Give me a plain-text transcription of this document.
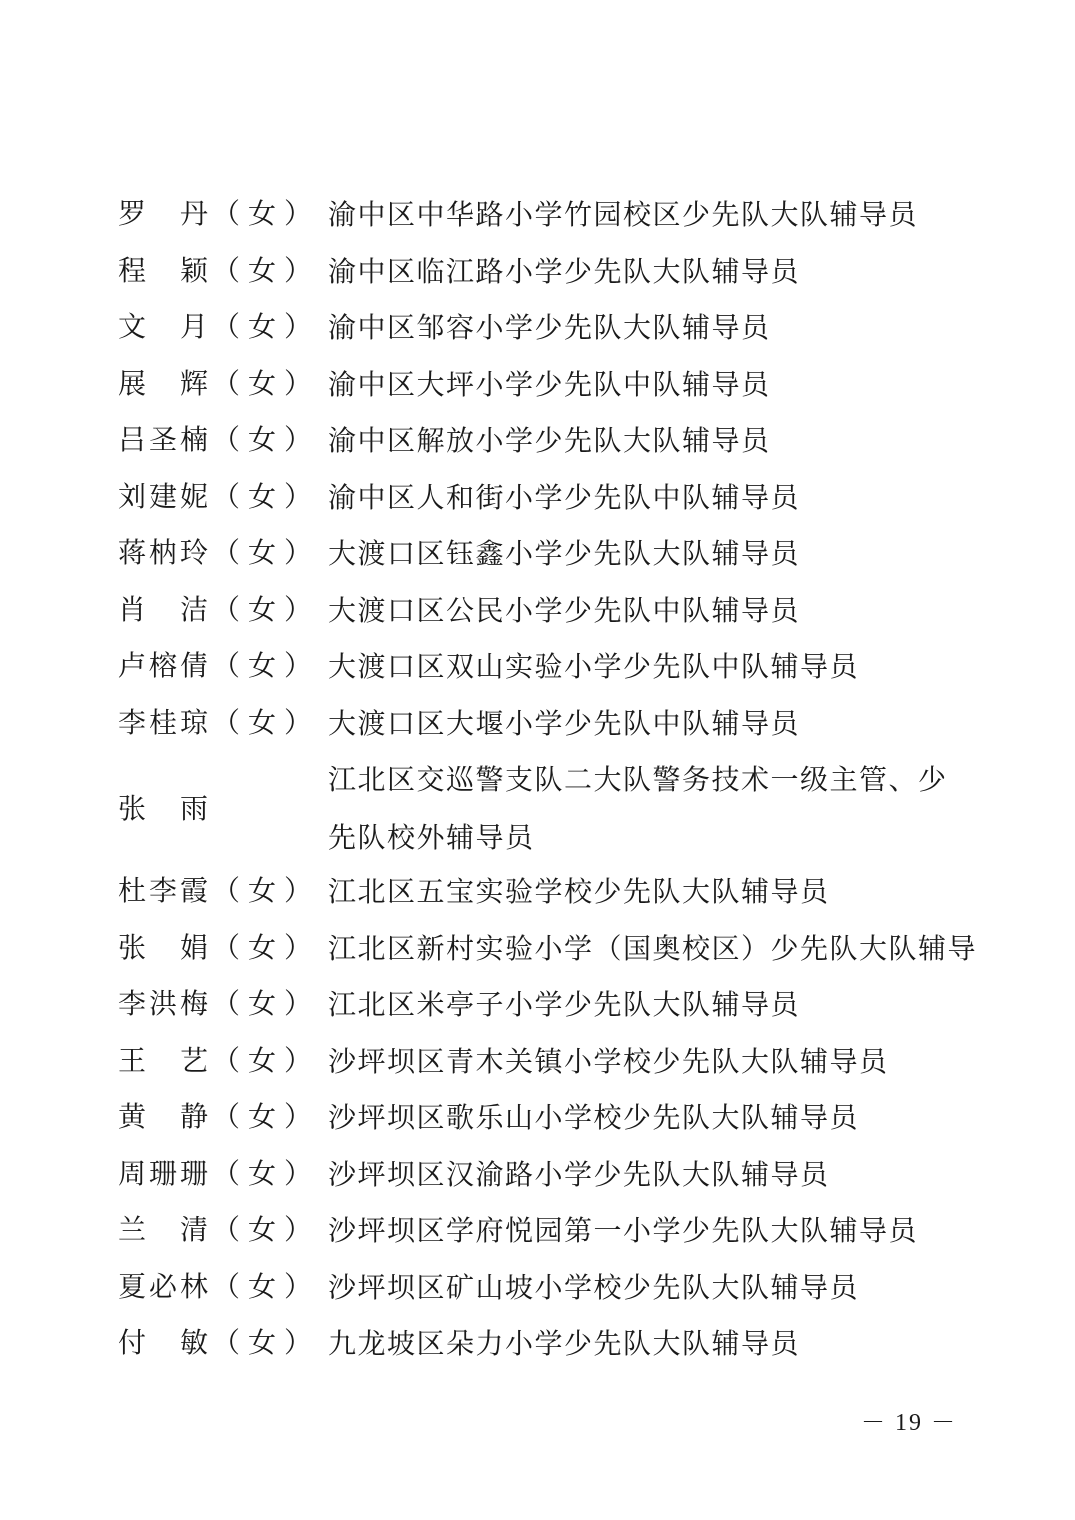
罗　丹 （女） 渝中区中华路小学竹园校区少先队大队辅导员
程　颖 （女） 渝中区临江路小学少先队大队辅导员
文　月 （女） 渝中区邹容小学少先队大队辅导员
展　辉 （女） 渝中区大坪小学少先队中队辅导员
吕圣楠 （女） 渝中区解放小学少先队大队辅导员
刘建妮 （女） 渝中区人和街小学少先队中队辅导员
蒋枘玲 （女） 大渡口区钰鑫小学少先队大队辅导员
肖　洁 （女） 大渡口区公民小学少先队中队辅导员
卢榕倩 （女） 大渡口区双山实验小学少先队中队辅导员
李桂琼 （女） 大渡口区大堰小学少先队中队辅导员
张　雨
江北区交巡警支队二大队警务技术一级主管、少
先队校外辅导员
杜李霞 （女） 江北区五宝实验学校少先队大队辅导员
张　娟 （女） 江北区新村实验小学（国奥校区）少先队大队辅导
李洪梅 （女） 江北区米亭子小学少先队大队辅导员
王　艺 （女） 沙坪坝区青木关镇小学校少先队大队辅导员
黄　静 （女） 沙坪坝区歌乐山小学校少先队大队辅导员
周珊珊 （女） 沙坪坝区汉渝路小学少先队大队辅导员
兰　清 （女） 沙坪坝区学府悦园第一小学少先队大队辅导员
夏必林 （女） 沙坪坝区矿山坡小学校少先队大队辅导员
付　敏 （女） 九龙坡区朵力小学少先队大队辅导员
－ 19 －
